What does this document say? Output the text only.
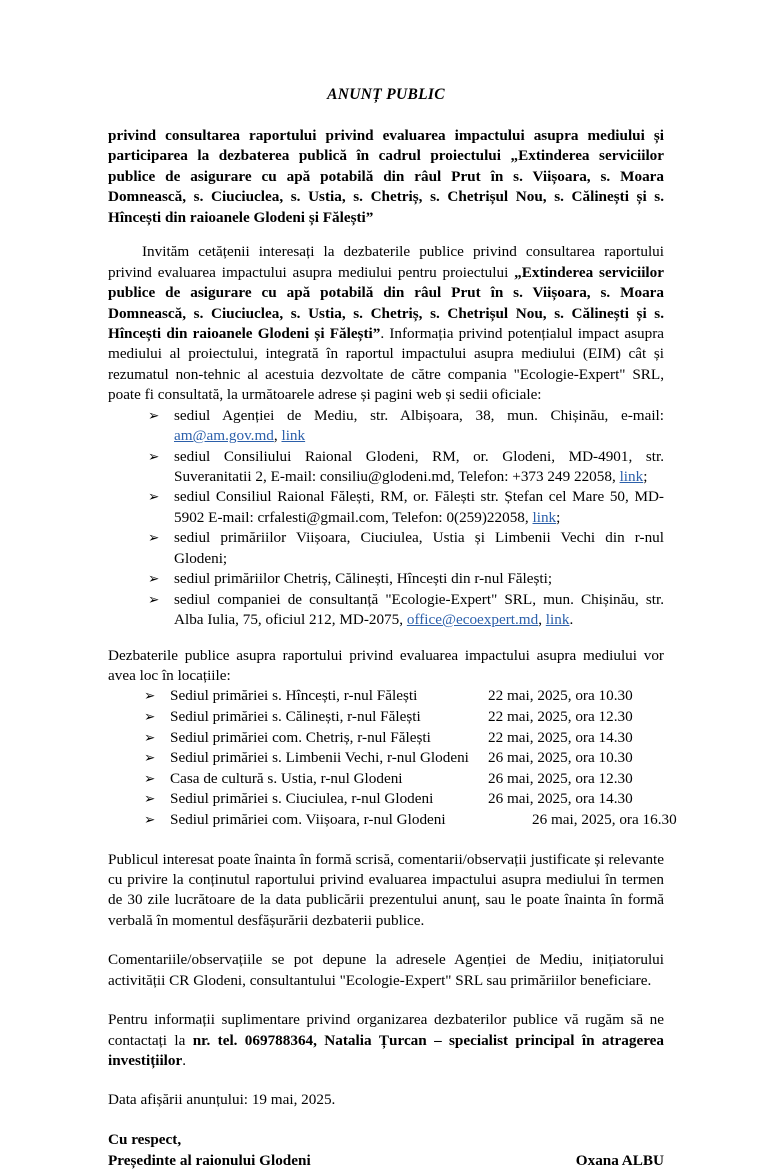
ANUNȚ PUBLIC

privind consultarea raportului privind evaluarea impactului asupra mediului și participarea la dezbaterea publică în cadrul proiectului „Extinderea serviciilor publice de asigurare cu apă potabilă din râul Prut în s. Viișoara, s. Moara Domnească, s. Ciuciuclea, s. Ustia, s. Chetriș, s. Chetrișul Nou, s. Călinești și s. Hîncești din raioanele Glodeni și Fălești”

Invităm cetățenii interesați la dezbaterile publice privind consultarea raportului privind evaluarea impactului asupra mediului pentru proiectului „Extinderea serviciilor publice de asigurare cu apă potabilă din râul Prut în s. Viișoara, s. Moara Domnească, s. Ciuciuclea, s. Ustia, s. Chetriș, s. Chetrișul Nou, s. Călinești și s. Hîncești din raioanele Glodeni și Fălești”. Informația privind potențialul impact asupra mediului al proiectului, integrată în raportul impactului asupra mediului (EIM) cât și rezumatul non-tehnic al acestuia dezvoltate de către compania "Ecologie-Expert" SRL, poate fi consultată, la următoarele adrese și pagini web și sedii oficiale:

➢ sediul Agenției de Mediu, str. Albișoara, 38, mun. Chișinău, e-mail: am@am.gov.md, link
➢ sediul Consiliului Raional Glodeni, RM, or. Glodeni, MD-4901, str. Suveranitatii 2, E-mail: consiliu@glodeni.md, Telefon: +373 249 22058, link;
➢ sediul Consiliul Raional Fălești, RM, or. Fălești str. Ștefan cel Mare 50, MD-5902 E-mail: crfalesti@gmail.com, Telefon: 0(259)22058, link;
➢ sediul primăriilor Viișoara, Ciuciulea, Ustia și Limbenii Vechi din r-nul Glodeni;
➢ sediul primăriilor Chetriș, Călinești, Hîncești din r-nul Fălești;
➢ sediul companiei de consultanță "Ecologie-Expert" SRL, mun. Chișinău, str. Alba Iulia, 75, oficiul 212, MD-2075, office@ecoexpert.md, link.

Dezbaterile publice asupra raportului privind evaluarea impactului asupra mediului vor avea loc în locațiile:

➢ Sediul primăriei s. Hîncești, r-nul Fălești	22 mai, 2025, ora 10.30
➢ Sediul primăriei s. Călinești, r-nul Fălești	22 mai, 2025, ora 12.30
➢ Sediul primăriei com. Chetriș, r-nul Fălești	22 mai, 2025, ora 14.30
➢ Sediul primăriei s. Limbenii Vechi, r-nul Glodeni	26 mai, 2025, ora 10.30
➢ Casa de cultură s. Ustia, r-nul Glodeni	26 mai, 2025, ora 12.30
➢ Sediul primăriei s. Ciuciulea, r-nul Glodeni	26 mai, 2025, ora 14.30
➢ Sediul primăriei com. Viișoara, r-nul Glodeni	26 mai, 2025, ora 16.30

Publicul interesat poate înainta în formă scrisă, comentarii/observații justificate și relevante cu privire la conținutul raportului privind evaluarea impactului asupra mediului în termen de 30 zile lucrătoare de la data publicării prezentului anunț, sau le poate înainta în formă verbală în momentul desfășurării dezbaterii publice.

Comentariile/observațiile se pot depune la adresele Agenției de Mediu, inițiatorului activității CR Glodeni, consultantului "Ecologie-Expert" SRL sau primăriilor beneficiare.

Pentru informații suplimentare privind organizarea dezbaterilor publice vă rugăm să ne contactați la nr. tel. 069788364, Natalia Țurcan – specialist principal în atragerea investițiilor.

Data afișării anunțului: 19 mai, 2025.

Cu respect,
Președinte al raionului Glodeni	Oxana ALBU
